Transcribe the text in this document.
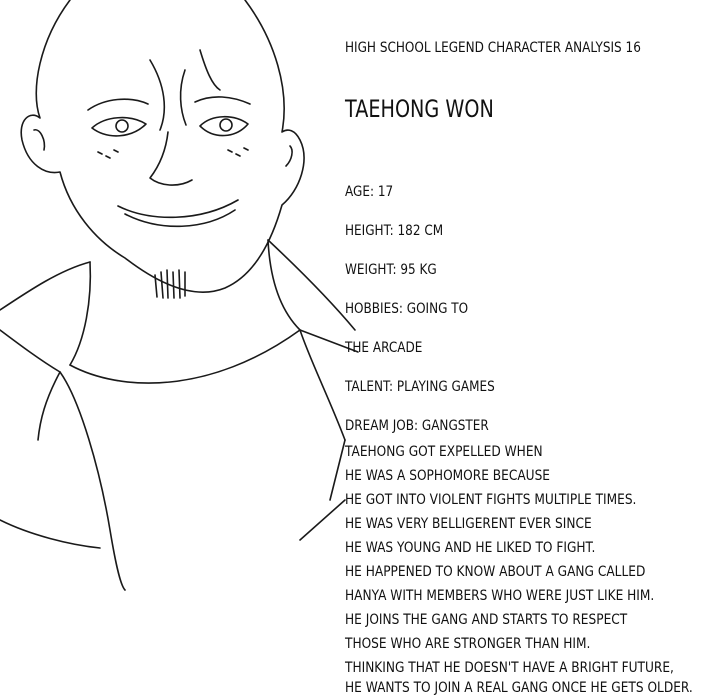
HIGH SCHOOL LEGEND CHARACTER ANALYSIS 16
TAEHONG WON
AGE: 17
HEIGHT: 182 CM
WEIGHT: 95 KG
HOBBIES: GOING TO
THE ARCADE
TALENT: PLAYING GAMES
DREAM JOB: GANGSTER
TAEHONG GOT EXPELLED WHEN
HE WAS A SOPHOMORE BECAUSE
HE GOT INTO VIOLENT FIGHTS MULTIPLE TIMES.
HE WAS VERY BELLIGERENT EVER SINCE
HE WAS YOUNG AND HE LIKED TO FIGHT.
HE HAPPENED TO KNOW ABOUT A GANG CALLED
HANYA WITH MEMBERS WHO WERE JUST LIKE HIM.
HE JOINS THE GANG AND STARTS TO RESPECT
THOSE WHO ARE STRONGER THAN HIM.
THINKING THAT HE DOESN'T HAVE A BRIGHT FUTURE,
HE WANTS TO JOIN A REAL GANG ONCE HE GETS OLDER.
